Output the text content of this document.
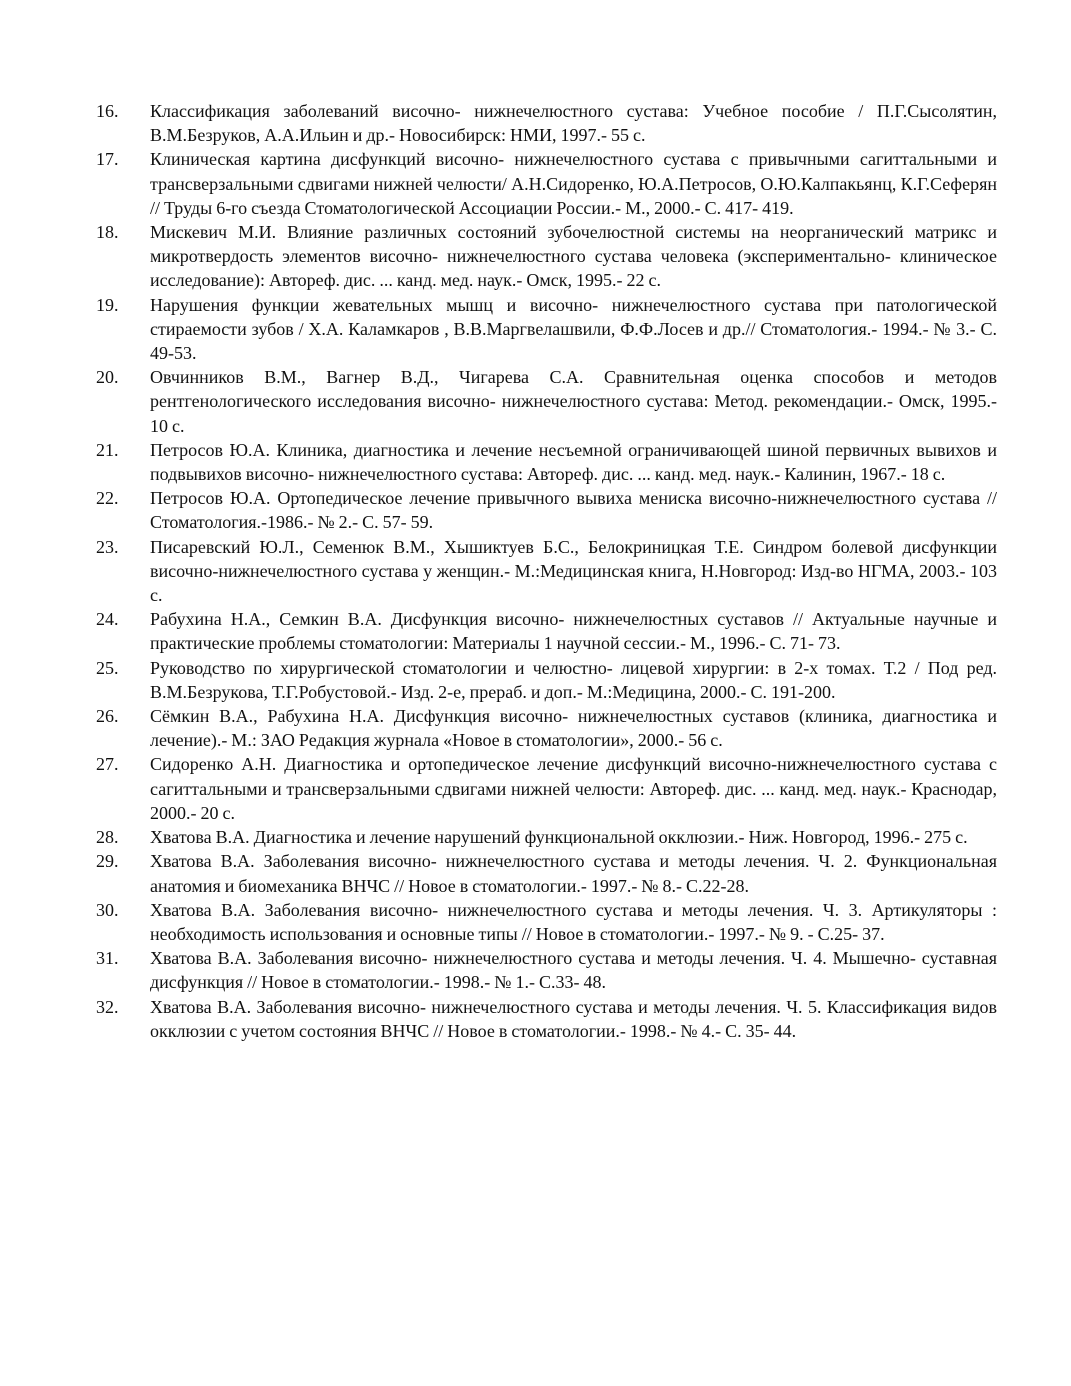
16.	Классификация заболеваний височно- нижнечелюстного сустава: Учебное пособие / П.Г.Сысолятин, В.М.Безруков, А.А.Ильин и др.- Новосибирск: НМИ, 1997.- 55 с.
17.	Клиническая картина дисфункций височно- нижнечелюстного сустава с привычными сагиттальными и трансверзальными сдвигами нижней челюсти/ А.Н.Сидоренко, Ю.А.Петросов, О.Ю.Калпакьянц, К.Г.Сеферян // Труды 6-го съезда Стоматологической Ассоциации России.- М., 2000.- С. 417- 419.
18.	Мискевич М.И. Влияние различных состояний зубочелюстной системы на неорганический матрикс и микротвердость элементов височно- нижнечелюстного сустава человека (экспериментально- клиническое исследование): Автореф. дис. ... канд. мед. наук.- Омск, 1995.- 22 с.
19.	Нарушения функции жевательных мышц и височно- нижнечелюстного сустава при патологической стираемости зубов / Х.А. Каламкаров , В.В.Маргвелашвили, Ф.Ф.Лосев и др.// Стоматология.- 1994.- № 3.- С. 49-53.
20.	Овчинников В.М., Вагнер В.Д., Чигарева С.А. Сравнительная оценка способов и методов рентгенологического исследования височно- нижнечелюстного сустава: Метод. рекомендации.- Омск, 1995.- 10 с.
21.	Петросов Ю.А. Клиника, диагностика и лечение несъемной ограничивающей шиной первичных вывихов и подвывихов височно- нижнечелюстного сустава: Автореф. дис. ... канд. мед. наук.- Калинин, 1967.- 18 с.
22.	Петросов Ю.А. Ортопедическое лечение привычного вывиха мениска височно-нижнечелюстного сустава // Стоматология.-1986.- № 2.- С. 57- 59.
23.	Писаревский Ю.Л., Семенюк В.М., Хышиктуев Б.С., Белокриницкая Т.Е. Синдром болевой дисфункции височно-нижнечелюстного сустава у женщин.- М.:Медицинская книга, Н.Новгород: Изд-во НГМА, 2003.- 103 с.
24.	Рабухина Н.А., Семкин В.А. Дисфункция височно- нижнечелюстных суставов // Актуальные научные и практические проблемы стоматологии: Материалы 1 научной сессии.- М., 1996.- С. 71- 73.
25.	Руководство по хирургической стоматологии и челюстно- лицевой хирургии: в 2-х томах. Т.2 / Под ред. В.М.Безрукова, Т.Г.Робустовой.- Изд. 2-е, прераб. и доп.- М.:Медицина, 2000.- С. 191-200.
26.	Сёмкин В.А., Рабухина Н.А. Дисфункция височно- нижнечелюстных суставов (клиника, диагностика и лечение).- М.: ЗАО Редакция журнала «Новое в стоматологии», 2000.- 56 с.
27.	Сидоренко А.Н. Диагностика и ортопедическое лечение дисфункций височно-нижнечелюстного сустава с сагиттальными и трансверзальными сдвигами нижней челюсти: Автореф. дис. ... канд. мед. наук.- Краснодар, 2000.- 20 с.
28.	Хватова В.А. Диагностика и лечение нарушений функциональной окклюзии.- Ниж. Новгород, 1996.- 275 с.
29.	Хватова В.А. Заболевания височно- нижнечелюстного сустава и методы лечения. Ч. 2. Функциональная анатомия и биомеханика ВНЧС // Новое в стоматологии.- 1997.- № 8.- С.22-28.
30.	Хватова В.А. Заболевания височно- нижнечелюстного сустава и методы лечения. Ч. 3. Артикуляторы : необходимость использования и основные типы // Новое в стоматологии.- 1997.- № 9. - С.25- 37.
31.	Хватова В.А. Заболевания височно- нижнечелюстного сустава и методы лечения. Ч. 4. Мышечно- суставная дисфункция // Новое в стоматологии.- 1998.- № 1.- С.33- 48.
32.	Хватова В.А. Заболевания височно- нижнечелюстного сустава и методы лечения. Ч. 5. Классификация видов окклюзии с учетом состояния ВНЧС // Новое в стоматологии.- 1998.- № 4.- С. 35- 44.
